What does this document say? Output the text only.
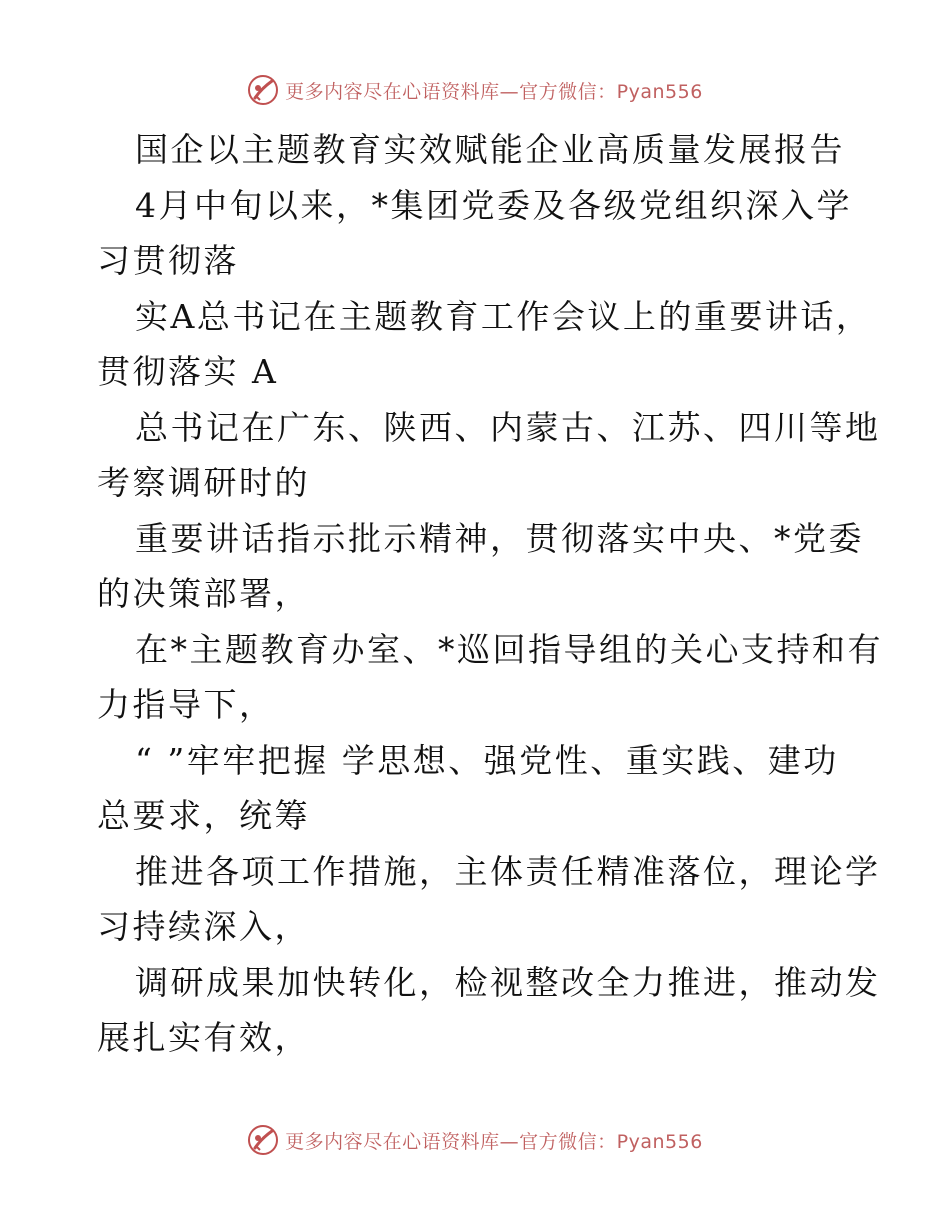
更多内容尽在心语资料库—官方微信：Pyan556
国企以主题教育实效赋能企业高质量发展报告
4月中旬以来，*集团党委及各级党组织深入学
习贯彻落
实A总书记在主题教育工作会议上的重要讲话，
贯彻落实 A
总书记在广东、陕西、内蒙古、江苏、四川等地
考察调研时的
重要讲话指示批示精神，贯彻落实中央、*党委
的决策部署，
在*主题教育办室、*巡回指导组的关心支持和有
力指导下，
“ ”牢牢把握 学思想、强党性、重实践、建功
总要求，统筹
推进各项工作措施，主体责任精准落位，理论学
习持续深入，
调研成果加快转化，检视整改全力推进，推动发
展扎实有效，
更多内容尽在心语资料库—官方微信：Pyan556
